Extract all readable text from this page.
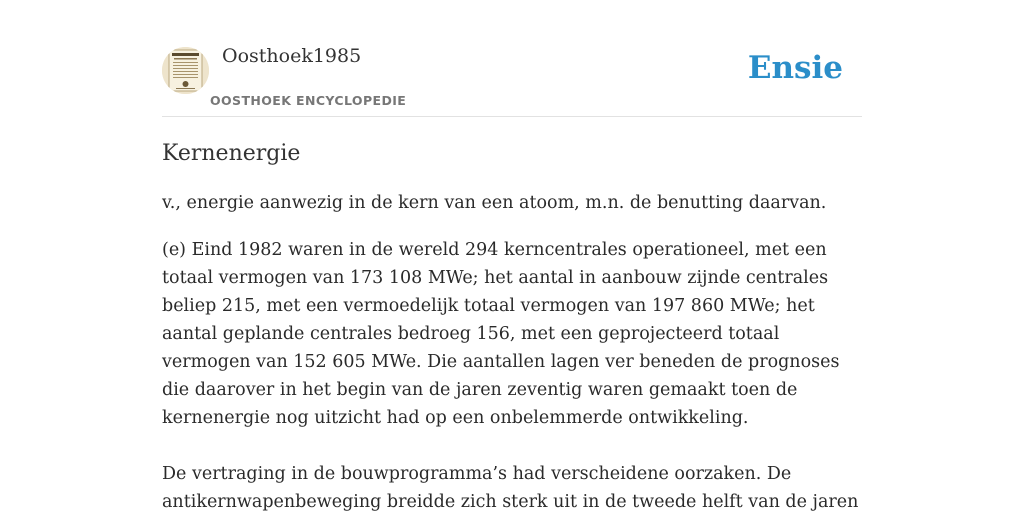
Oosthoek1985
OOSTHOEK ENCYCLOPEDIE
Ensie
Kernenergie

v., energie aanwezig in de kern van een atoom, m.n. de benutting daarvan.

(e) Eind 1982 waren in de wereld 294 kerncentrales operationeel, met een totaal vermogen van 173 108 MWe; het aantal in aanbouw zijnde centrales beliep 215, met een vermoedelijk totaal vermogen van 197 860 MWe; het aantal geplande centrales bedroeg 156, met een geprojecteerd totaal vermogen van 152 605 MWe. Die aantallen lagen ver beneden de prognoses die daarover in het begin van de jaren zeventig waren gemaakt toen de kernenergie nog uitzicht had op een onbelemmerde ontwikkeling.

De vertraging in de bouwprogramma’s had verscheidene oorzaken. De antikernwapenbeweging breidde zich sterk uit in de tweede helft van de jaren
